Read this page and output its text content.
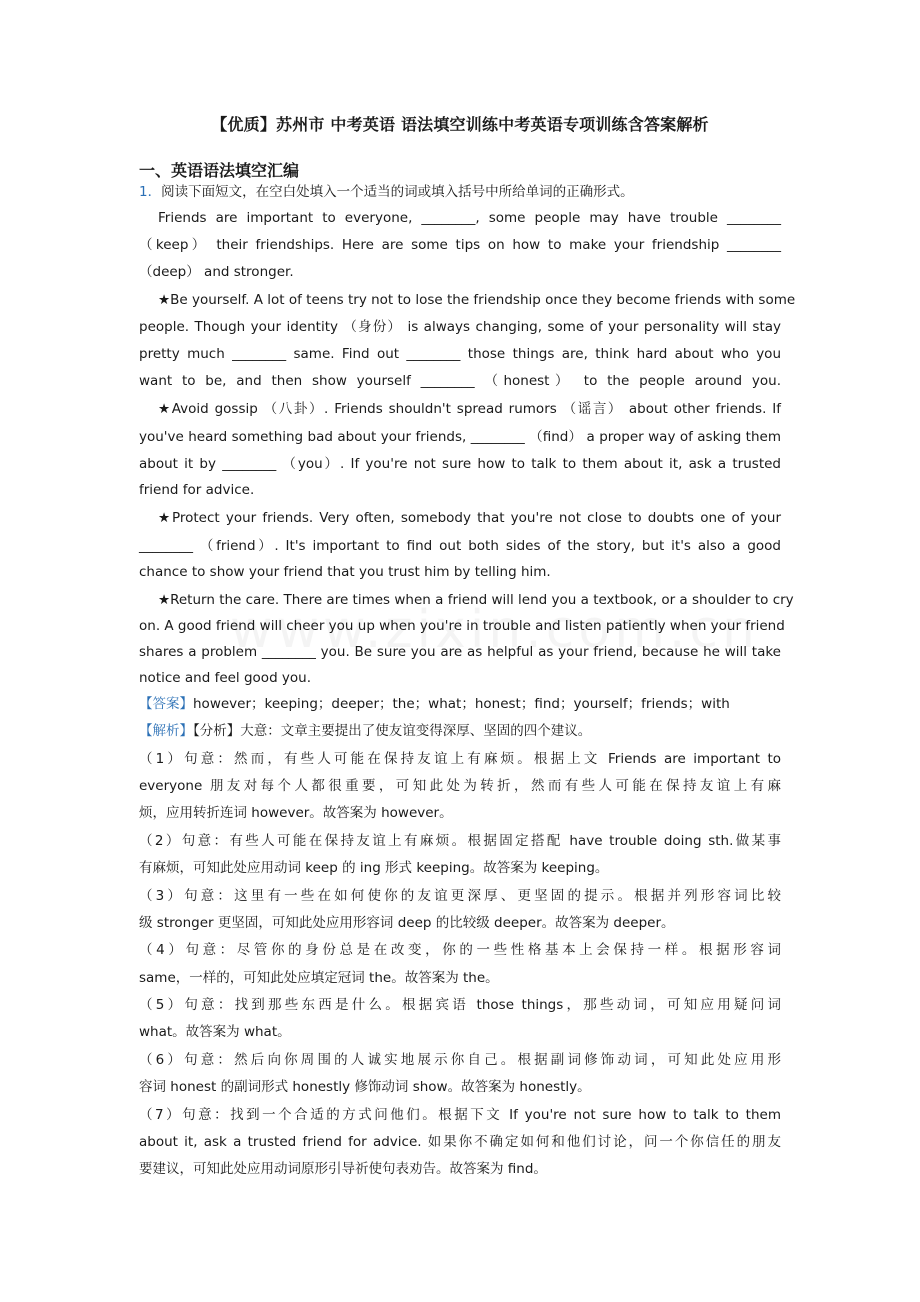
【优质】苏州市 中考英语 语法填空训练中考英语专项训练含答案解析
一、英语语法填空汇编
1．阅读下面短文，在空白处填入一个适当的词或填入括号中所给单词的正确形式。
Friends are important to everyone, ________, some people may have trouble ________
（keep） their friendships. Here are some tips on how to make your friendship ________
（deep） and stronger.
★Be yourself. A lot of teens try not to lose the friendship once they become friends with some
people. Though your identity （身份） is always changing, some of your personality will stay
pretty much ________ same. Find out ________ those things are, think hard about who you
want to be, and then show yourself ________ （honest） to the people around you.
★Avoid gossip （八卦）. Friends shouldn't spread rumors （谣言） about other friends. If
you've heard something bad about your friends, ________ （find） a proper way of asking them
about it by ________ （you）. If you're not sure how to talk to them about it, ask a trusted
friend for advice.
★Protect your friends. Very often, somebody that you're not close to doubts one of your
________ （friend）. It's important to find out both sides of the story, but it's also a good
chance to show your friend that you trust him by telling him.
★Return the care. There are times when a friend will lend you a textbook, or a shoulder to cry
on. A good friend will cheer you up when you're in trouble and listen patiently when your friend
shares a problem ________ you. Be sure you are as helpful as your friend, because he will take
notice and feel good you.
【答案】however；keeping；deeper；the；what；honest；find；yourself；friends；with
【解析】【分析】大意：文章主要提出了使友谊变得深厚、坚固的四个建议。
（1）句意：然而，有些人可能在保持友谊上有麻烦。根据上文 Friends are important to
everyone 朋友对每个人都很重要，可知此处为转折，然而有些人可能在保持友谊上有麻
烦，应用转折连词 however。故答案为 however。
（2）句意：有些人可能在保持友谊上有麻烦。根据固定搭配 have trouble doing sth.做某事
有麻烦，可知此处应用动词 keep 的 ing 形式 keeping。故答案为 keeping。
（3）句意：这里有一些在如何使你的友谊更深厚、更坚固的提示。根据并列形容词比较
级 stronger 更坚固，可知此处应用形容词 deep 的比较级 deeper。故答案为 deeper。
（4）句意：尽管你的身份总是在改变，你的一些性格基本上会保持一样。根据形容词
same，一样的，可知此处应填定冠词 the。故答案为 the。
（5）句意：找到那些东西是什么。根据宾语 those things，那些动词，可知应用疑问词
what。故答案为 what。
（6）句意：然后向你周围的人诚实地展示你自己。根据副词修饰动词，可知此处应用形
容词 honest 的副词形式 honestly 修饰动词 show。故答案为 honestly。
（7）句意：找到一个合适的方式问他们。根据下文 If you're not sure how to talk to them
about it, ask a trusted friend for advice. 如果你不确定如何和他们讨论，问一个你信任的朋友
要建议，可知此处应用动词原形引导祈使句表劝告。故答案为 find。
